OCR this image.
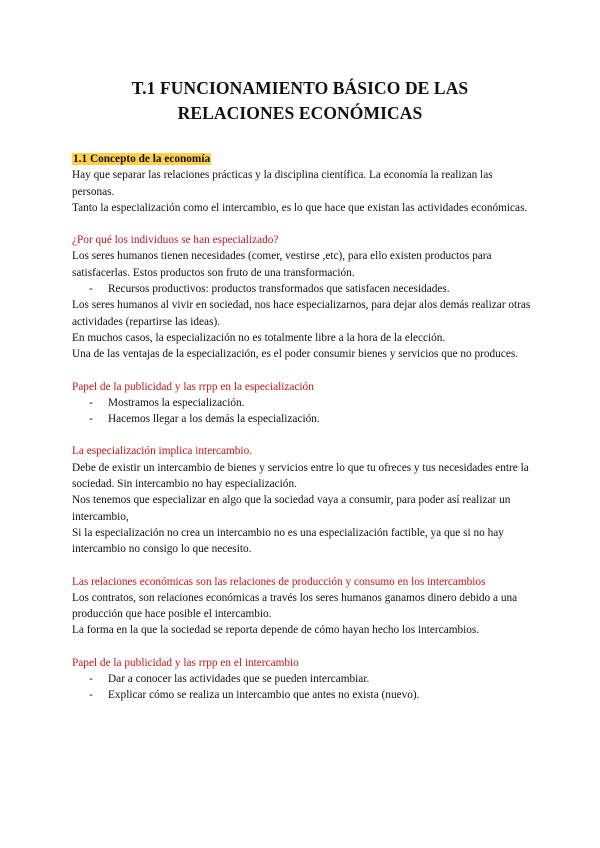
T.1 FUNCIONAMIENTO BÁSICO DE LAS
RELACIONES ECONÓMICAS

1.1 Concepto de la economía

Hay que separar las relaciones prácticas y la disciplina científica. La economía la realizan las personas.

Tanto la especialización como el intercambio, es lo que hace que existan las actividades económicas.

¿Por qué los individuos se han especializado?

Los seres humanos tienen necesidades (comer, vestirse ,etc), para ello existen productos para satisfacerlas. Estos productos son fruto de una transformación.

- Recursos productivos: productos transformados que satisfacen necesidades.

Los seres humanos al vivir en sociedad, nos hace especializarnos, para dejar alos demás realizar otras actividades (repartirse las ideas).

En muchos casos, la especialización no es totalmente libre a la hora de la elección.

Una de las ventajas de la especialización, es el poder consumir bienes y servicios que no produces.

Papel de la publicidad y las rrpp en la especialización

- Mostramos la especialización.
- Hacemos llegar a los demás la especialización.

La especialización implica intercambio.

Debe de existir un intercambio de bienes y servicios entre lo que tu ofreces y tus necesidades entre la sociedad. Sin intercambio no hay especialización.

Nos tenemos que especializar en algo que la sociedad vaya a consumir, para poder así realizar un intercambio,

Si la especialización no crea un intercambio no es una especialización factible, ya que si no hay intercambio no consigo lo que necesito.

Las relaciones económicas son las relaciones de producción y consumo en los intercambios

Los contratos, son relaciones económicas a través los seres humanos ganamos dinero debido a una producción que hace posible el intercambio.

La forma en la que la sociedad se reporta depende de cómo hayan hecho los intercambios.

Papel de la publicidad y las rrpp en el intercambio

- Dar a conocer las actividades que se pueden intercambiar.
- Explicar cómo se realiza un intercambio que antes no exista (nuevo).
